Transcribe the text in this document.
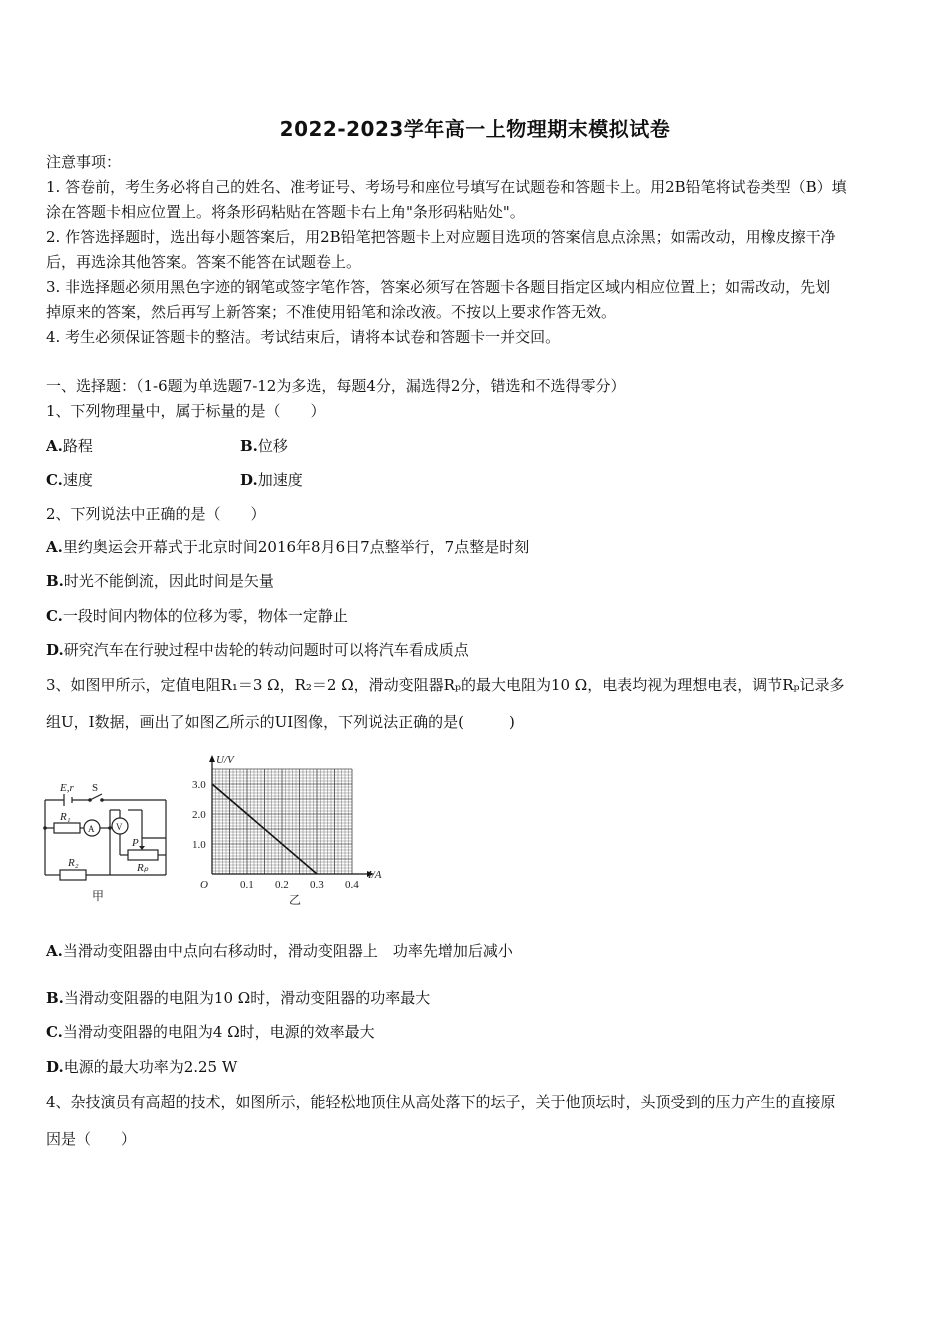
2022-2023学年高一上物理期末模拟试卷
注意事项：
1. 答卷前，考生务必将自己的姓名、准考证号、考场号和座位号填写在试题卷和答题卡上。用2B铅笔将试卷类型（B）填
涂在答题卡相应位置上。将条形码粘贴在答题卡右上角"条形码粘贴处"。
2. 作答选择题时，选出每小题答案后，用2B铅笔把答题卡上对应题目选项的答案信息点涂黑；如需改动，用橡皮擦干净
后，再选涂其他答案。答案不能答在试题卷上。
3. 非选择题必须用黑色字迹的钢笔或签字笔作答，答案必须写在答题卡各题目指定区域内相应位置上；如需改动，先划
掉原来的答案，然后再写上新答案；不准使用铅笔和涂改液。不按以上要求作答无效。
4. 考生必须保证答题卡的整洁。考试结束后，请将本试卷和答题卡一并交回。
一、选择题：（1-6题为单选题7-12为多选，每题4分，漏选得2分，错选和不选得零分）
1、下列物理量中，属于标量的是（　　）
A.路程	B.位移
C.速度	D.加速度
2、下列说法中正确的是（　　）
A.里约奥运会开幕式于北京时间2016年8月6日7点整举行，7点整是时刻
B.时光不能倒流，因此时间是矢量
C.一段时间内物体的位移为零，物体一定静止
D.研究汽车在行驶过程中齿轮的转动问题时可以将汽车看成质点
3、如图甲所示，定值电阻R₁＝3 Ω，R₂＝2 Ω，滑动变阻器Rₚ的最大电阻为10 Ω，电表均视为理想电表，调节Rₚ记录多
组U，I数据，画出了如图乙所示的UI图像，下列说法正确的是(　　　)
E,r S
R₁
R₂	Rₚ
P
A V
甲
0.1 0.2 0.3 0.4
1.0
2.0
3.0
O
I/A
U/V
乙
A.当滑动变阻器由中点向右移动时，滑动变阻器上　功率先增加后减小
B.当滑动变阻器的电阻为10 Ω时，滑动变阻器的功率最大
C.当滑动变阻器的电阻为4 Ω时，电源的效率最大
D.电源的最大功率为2.25 W
4、杂技演员有高超的技术，如图所示，能轻松地顶住从高处落下的坛子，关于他顶坛时，头顶受到的压力产生的直接原
因是（　　）
